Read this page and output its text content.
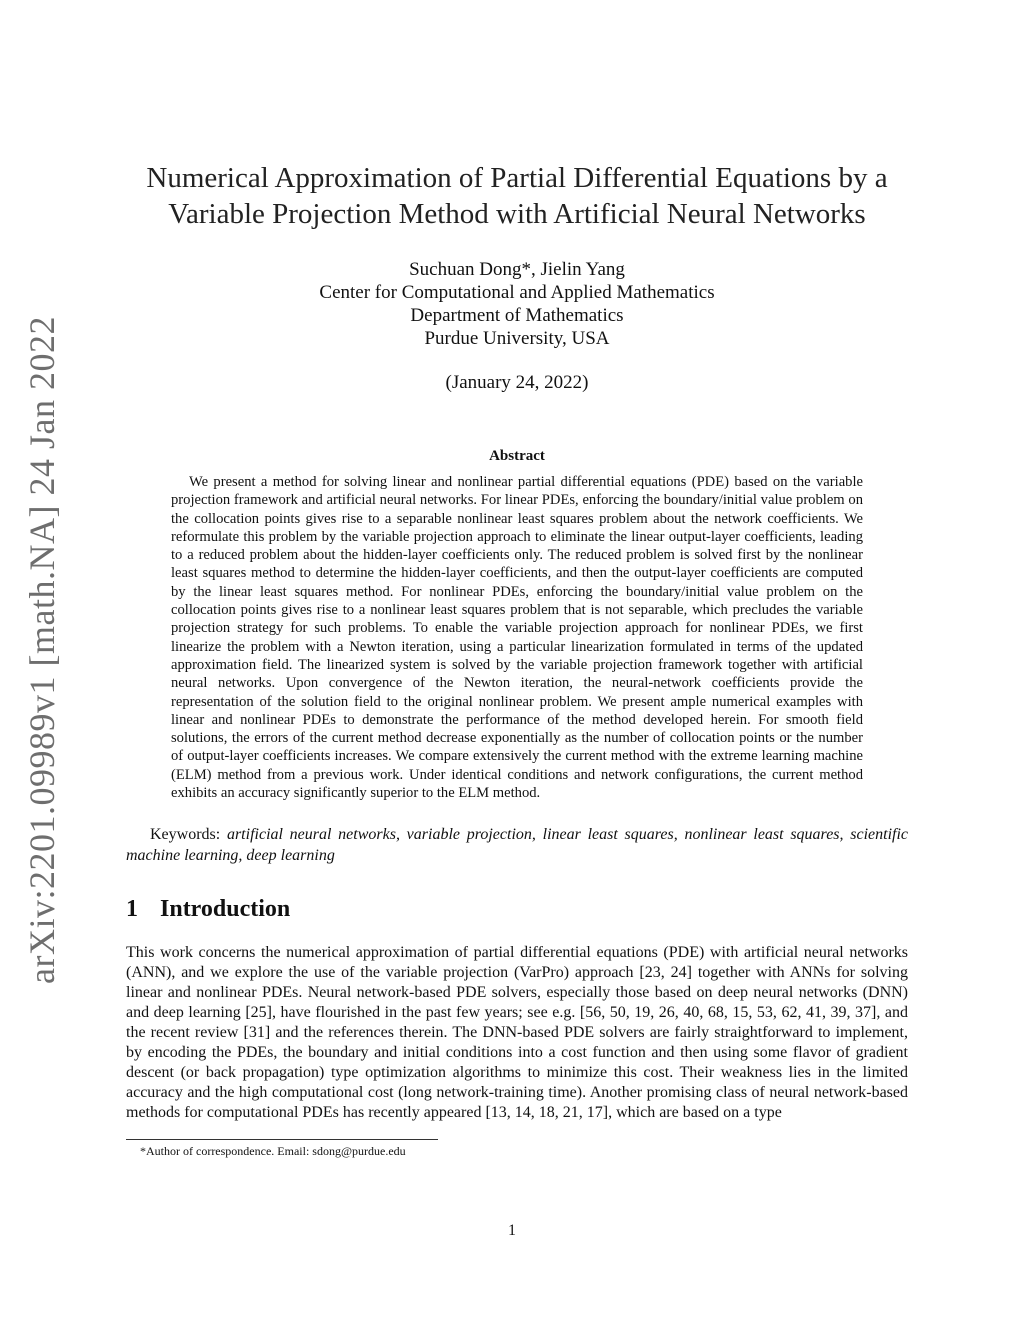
arXiv:2201.09989v1 [math.NA] 24 Jan 2022
Numerical Approximation of Partial Differential Equations by a
Variable Projection Method with Artificial Neural Networks
Suchuan Dong*, Jielin Yang
Center for Computational and Applied Mathematics
Department of Mathematics
Purdue University, USA
(January 24, 2022)
Abstract

We present a method for solving linear and nonlinear partial differential equations (PDE) based on the variable projection framework and artificial neural networks. For linear PDEs, enforcing the boundary/initial value problem on the collocation points gives rise to a separable nonlinear least squares problem about the network coefficients. We reformulate this problem by the variable projection approach to eliminate the linear output-layer coefficients, leading to a reduced problem about the hidden-layer coefficients only. The reduced problem is solved first by the nonlinear least squares method to determine the hidden-layer coefficients, and then the output-layer coefficients are computed by the linear least squares method. For nonlinear PDEs, enforcing the boundary/initial value problem on the collocation points gives rise to a nonlinear least squares problem that is not separable, which precludes the variable projection strategy for such problems. To enable the variable projection approach for nonlinear PDEs, we first linearize the problem with a Newton iteration, using a particular linearization formulated in terms of the updated approximation field. The linearized system is solved by the variable projection framework together with artificial neural networks. Upon convergence of the Newton iteration, the neural-network coefficients provide the representation of the solution field to the original nonlinear problem. We present ample numerical examples with linear and nonlinear PDEs to demonstrate the performance of the method developed herein. For smooth field solutions, the errors of the current method decrease exponentially as the number of collocation points or the number of output-layer coefficients increases. We compare extensively the current method with the extreme learning machine (ELM) method from a previous work. Under identical conditions and network configurations, the current method exhibits an accuracy significantly superior to the ELM method.

Keywords: artificial neural networks, variable projection, linear least squares, nonlinear least squares, scientific machine learning, deep learning
1 Introduction

This work concerns the numerical approximation of partial differential equations (PDE) with artificial neural networks (ANN), and we explore the use of the variable projection (VarPro) approach [23, 24] together with ANNs for solving linear and nonlinear PDEs. Neural network-based PDE solvers, especially those based on deep neural networks (DNN) and deep learning [25], have flourished in the past few years; see e.g. [56, 50, 19, 26, 40, 68, 15, 53, 62, 41, 39, 37], and the recent review [31] and the references therein. The DNN-based PDE solvers are fairly straightforward to implement, by encoding the PDEs, the boundary and initial conditions into a cost function and then using some flavor of gradient descent (or back propagation) type optimization algorithms to minimize this cost. Their weakness lies in the limited accuracy and the high computational cost (long network-training time). Another promising class of neural network-based methods for computational PDEs has recently appeared [13, 14, 18, 21, 17], which are based on a type

*Author of correspondence. Email: sdong@purdue.edu
1
